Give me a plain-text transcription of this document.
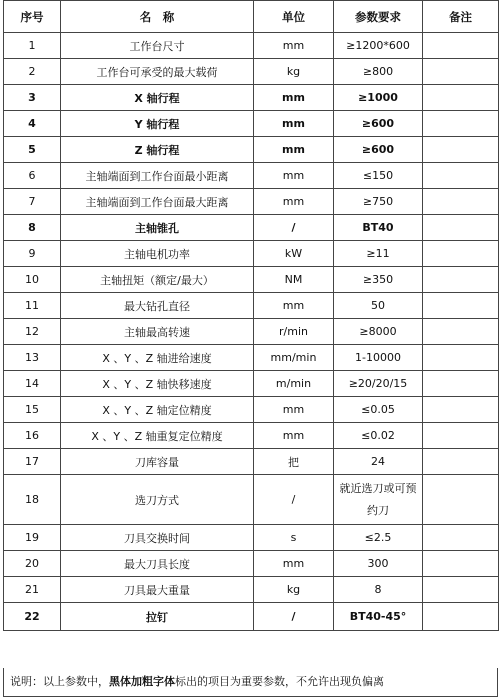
序号	名　称	单位	参数要求	备注
1	工作台尺寸	mm	≥1200*600	
2	工作台可承受的最大载荷	kg	≥800	
3	X 轴行程	mm	≥1000	
4	Y 轴行程	mm	≥600	
5	Z 轴行程	mm	≥600	
6	主轴端面到工作台面最小距离	mm	≤150	
7	主轴端面到工作台面最大距离	mm	≥750	
8	主轴锥孔	/	BT40	
9	主轴电机功率	kW	≥11	
10	主轴扭矩（额定/最大）	NM	≥350	
11	最大钻孔直径	mm	50	
12	主轴最高转速	r/min	≥8000	
13	X 、Y 、Z 轴进给速度	mm/min	1-10000	
14	X 、Y 、Z 轴快移速度	m/min	≥20/20/15	
15	X 、Y 、Z 轴定位精度	mm	≤0.05	
16	X 、Y 、Z 轴重复定位精度	mm	≤0.02	
17	刀库容量	把	24	
18	选刀方式	/	就近选刀或可预
约刀	

19	刀具交换时间	s	≤2.5	
20	最大刀具长度	mm	300	
21	刀具最大重量	kg	8	
22	拉钉	/	BT40-45°	
说明：以上参数中，黑体加粗字体标出的项目为重要参数，不允许出现负偏离
